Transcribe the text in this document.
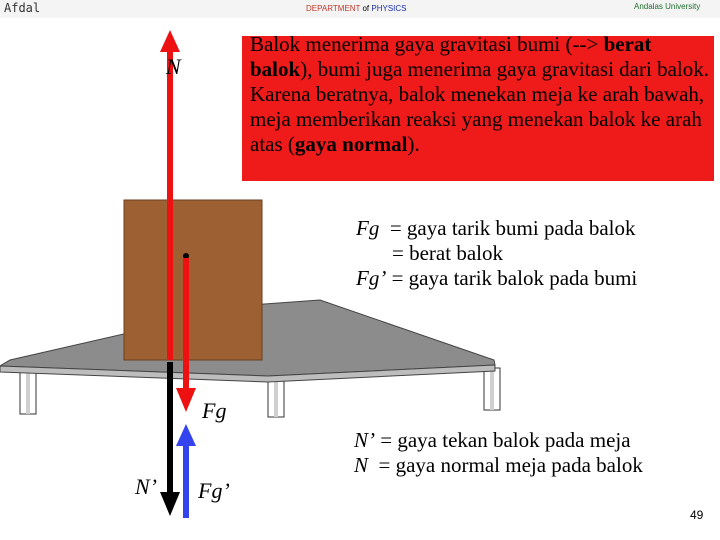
Afdal	DEPARTMENT of PHYSICS	Andalas University
Balok menerima gaya gravitasi bumi (--> berat balok), bumi juga menerima gaya gravitasi dari balok. Karena beratnya, balok menekan meja ke arah bawah, meja memberikan reaksi yang menekan balok ke arah atas (gaya normal).
Fg = gaya tarik bumi pada balok
= berat balok
Fg’ = gaya tarik balok pada bumi
N’ = gaya tekan balok pada meja
N = gaya normal meja pada balok
N
Fg
N’ Fg’
49
